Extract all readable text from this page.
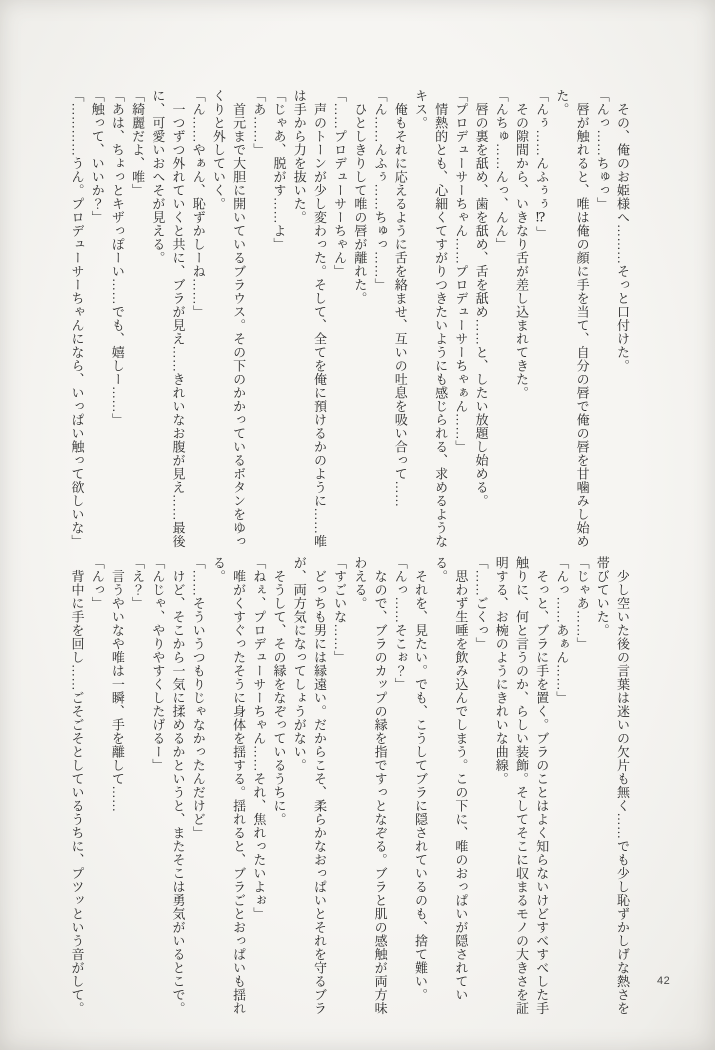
　その、俺のお姫様へ………そっと口付けた。

「んっ……ちゅっ」

　唇が触れると、唯は俺の顔に手を当て、自分の唇で俺の唇を甘噛みし始めた。

「んぅ……んふぅぅ⁉」

　その隙間から、いきなり舌が差し込まれてきた。

「んちゅ……んっ、んん」

　唇の裏を舐め、歯を舐め、舌を舐め……と、したい放題し始める。

「プロデューサーちゃん……プロデューサーちゃぁん……」

　情熱的とも、心細くてすがりつきたいようにも感じられる、求めるようなキス。

　俺もそれに応えるように舌を絡ませ、互いの吐息を吸い合って……

「ん……んふぅ……ちゅっ……」

　ひとしきりして唯の唇が離れた。

「……プロデューサーちゃん」

　声のトーンが少し変わった。そして、全てを俺に預けるかのように……唯は手から力を抜いた。

「じゃあ、脱がす……よ」

「あ……」

　首元まで大胆に開いているブラウス。その下のかかっているボタンをゆっくりと外していく。

「ん……やぁん、恥ずかしーね……」

　一つずつ外れていくと共に、ブラが見え……きれいなお腹が見え……最後に、可愛いおへそが見える。

「綺麗だよ、唯」

「あは、ちょっとキザっぽーい……でも、嬉しー……」

「触って、いいか？」

「…………うん。プロデューサーちゃんになら、いっぱい触って欲しいな」

　少し空いた後の言葉は迷いの欠片も無く……でも少し恥ずかしげな熱さを帯びていた。

「じゃあ……」

「んっ……あぁん……」

　そっと、ブラに手を置く。ブラのことはよく知らないけどすべすべした手触りに、何と言うのか、らしい装飾。そしてそこに収まるモノの大きさを証明する、お椀のようにきれいな曲線。

「……ごくっ」

　思わず生唾を飲み込んでしまう。この下に、唯のおっぱいが隠されている。

　それを、見たい。でも、こうしてブラに隠されているのも、捨て難い。

「んっ……そこぉ？」

　なので、ブラのカップの縁を指ですっとなぞる。ブラと肌の感触が両方味わえる。

「すごいな……」

　どっちも男には縁遠い。だからこそ、柔らかなおっぱいとそれを守るブラが、両方気になってしょうがない。

　そうして、その縁をなぞっているうちに。

「ねぇ、プロデューサーちゃん……それ、焦れったいよぉ」

　唯がくすぐったそうに身体を揺する。揺れると、ブラごとおっぱいも揺れる。

「……そういうつもりじゃなかったんだけど」

　けど、そこから一気に揉めるかというと、またそこは勇気がいるとこで。

「んじゃ、やりやすくしたげるー」

「え？」

　言うやいなや唯は一瞬、手を離して……

「んっ」

　背中に手を回し……ごそごそとしているうちに、プツッという音がして。	42
